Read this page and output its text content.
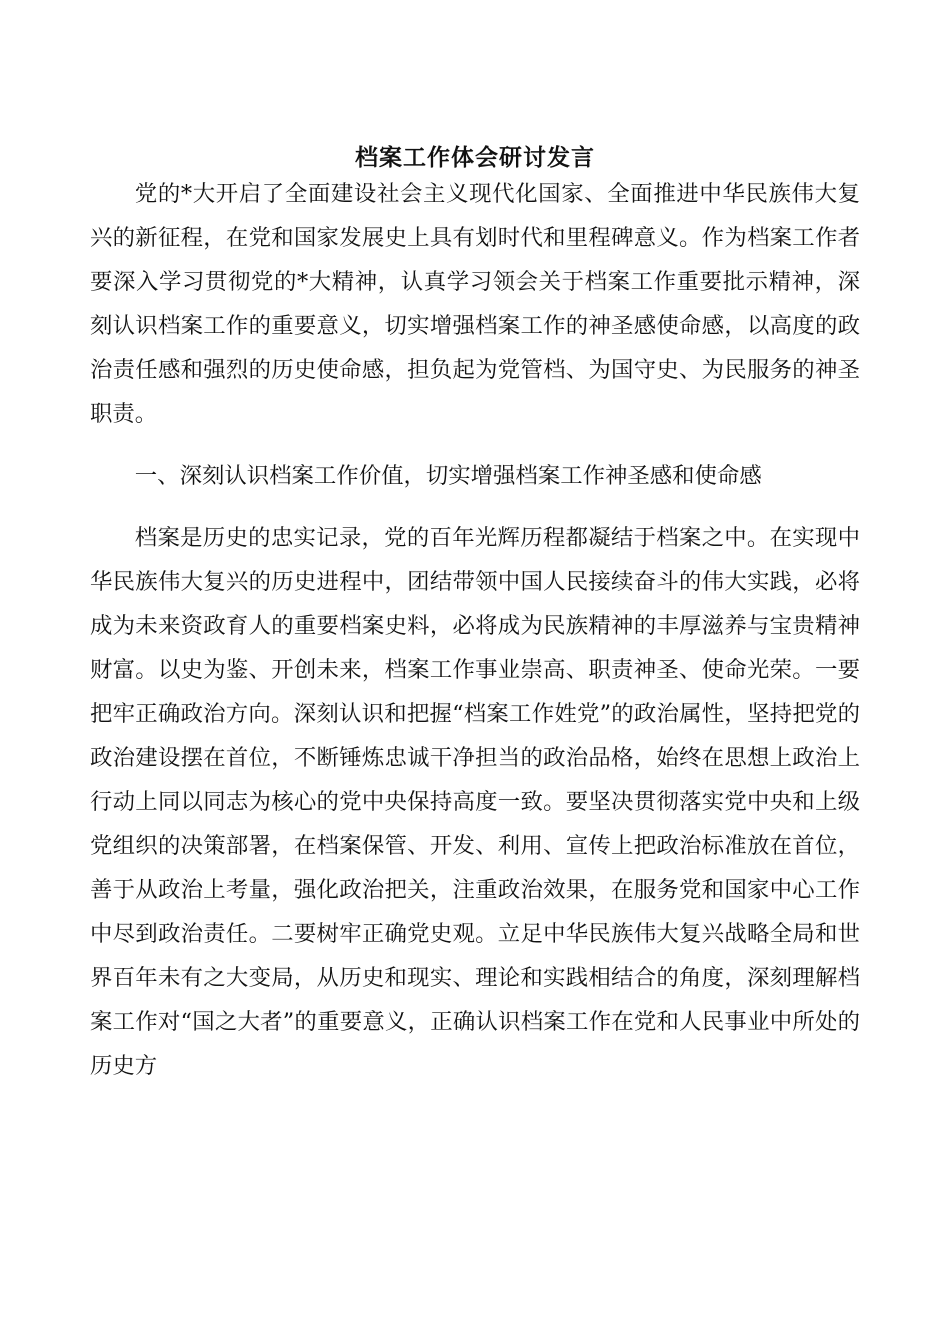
档案工作体会研讨发言

党的*大开启了全面建设社会主义现代化国家、全面推进中华民族伟大复兴的新征程，在党和国家发展史上具有划时代和里程碑意义。作为档案工作者要深入学习贯彻党的*大精神，认真学习领会关于档案工作重要批示精神，深刻认识档案工作的重要意义，切实增强档案工作的神圣感使命感，以高度的政治责任感和强烈的历史使命感，担负起为党管档、为国守史、为民服务的神圣职责。

一、深刻认识档案工作价值，切实增强档案工作神圣感和使命感

档案是历史的忠实记录，党的百年光辉历程都凝结于档案之中。在实现中华民族伟大复兴的历史进程中，团结带领中国人民接续奋斗的伟大实践，必将成为未来资政育人的重要档案史料，必将成为民族精神的丰厚滋养与宝贵精神财富。以史为鉴、开创未来，档案工作事业崇高、职责神圣、使命光荣。一要把牢正确政治方向。深刻认识和把握“档案工作姓党”的政治属性，坚持把党的政治建设摆在首位，不断锤炼忠诚干净担当的政治品格，始终在思想上政治上行动上同以同志为核心的党中央保持高度一致。要坚决贯彻落实党中央和上级党组织的决策部署，在档案保管、开发、利用、宣传上把政治标准放在首位，善于从政治上考量，强化政治把关，注重政治效果，在服务党和国家中心工作中尽到政治责任。二要树牢正确党史观。立足中华民族伟大复兴战略全局和世界百年未有之大变局，从历史和现实、理论和实践相结合的角度，深刻理解档案工作对“国之大者”的重要意义，正确认识档案工作在党和人民事业中所处的历史方
